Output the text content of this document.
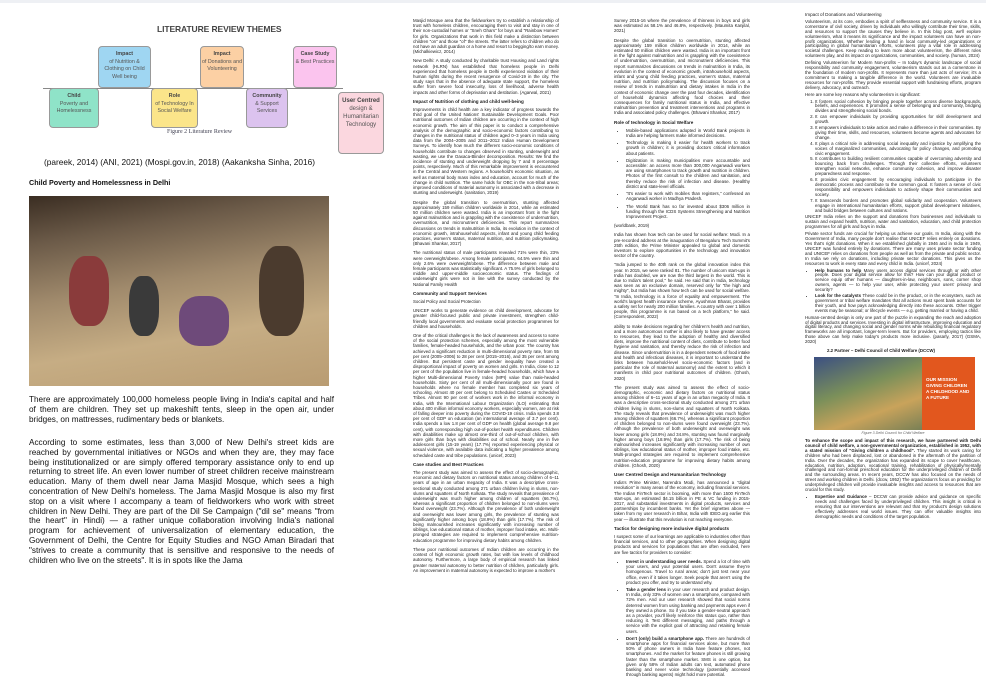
LITERATURE REVIEW THEMES
Child
Poverty and Homelessness
Impact
of Nutrition & Clothing on Child Well being
Role
of Technology In Social Welfare
Impact
of Donations and Volunteering
Community
& Support Services
Case Study
& Best Practices
User Centred
design & Humanitarian Technology
Figure 2 Literature Review
(pareek, 2014) (ANI, 2021) (Mospi.gov.in, 2018) (Aakanksha Sinha, 2016)
Child Poverty and Homelessness in Delhi
There are approximately 100,000 homeless people living in India's capital and half of them are children. They set up makeshift tents, sleep in the open air, under bridges, on mattresses, rudimentary beds or blankets.
According to some estimates, less than 3,000 of New Delhi's street kids are reached by governmental initiatives or NGOs and when they are, they may face being institutionalized or are simply offered temporary assistance only to end up returning to street life. An even lower number of street children receive mainstream education. Many of them dwell near Jama Masjid Mosque, which sees a high concentration of New Delhi's homeless. The Jama Masjid Mosque is also my first stop on a visit where I accompany a team of fieldworkers who work with street children in New Delhi. They are part of the Dil Se Campaign ("dil se" means "from the heart" in Hindi) — a rather unique collaboration involving India's national program for achievement of universalization of elementary education, the Government of Delhi, the Centre for Equity Studies and NGO Aman Biradari that "strives to create a community that is sensitive and responsive to the needs of children who live on the streets". It is in spots like the Jama

Masjid Mosque area that the fieldworkers try to establish a relationship of trust with homeless children, encouraging them to visit and stay in one of their non-custodial homes or "Sneh Ghars" for boys and "Rainbow Homes" for girls. Organizations that work in this field make a distinction between children "on" and those "of" the streets. The latter refers to children who do not have an adult guardian or a home and resort to begging/to earn money. (Michalkiewicz, 2014)

New Delhi: A study conducted by charitable trust Housing and Land rights network (HLRN) has established that homeless people in Delhi experienced that homeless people in Delhi experienced violation of their human rights during the recent resurgence of Covid-19 in the city. The study says that in the absence of adequate state support, the homeless suffer from severe food insecurity, loss of livelihood, adverse health impacts and other forms of deprivation and destitution. (Agarwal, 2021)

Impact of Nutrition of clothing and child well-being

Improvements in child health are a key indicator of progress towards the third goal of the United Nations' Sustainable Development Goals. Poor nutritional outcomes of Indian children are occurring in the context of high economic growth. The aim of this paper is to conduct a comprehensive analysis of the demographic and socio-economic factors contributing to changes in the nutritional status of children aged 0–3 years in India using data from the 2004–2005 and 2011–2012 Indian Human Development Surveys. To identify how much the different socio-economic conditions of households contribute to changes observed in stunting, underweight and wasting, we use the Oaxaca-Blinder decomposition. Results: We find the incidence of stunting and underweight dropping by 7 and 8 percentage points, respectively. Much of this remarkable improvement is encountered in the Central and Western regions. A household's economic situation, as well as maternal body mass index and education, account for much of the change in child nutrition. The same holds for OBC in the non-tribal areas; improved conditions of material autonomy is associated with a decrease in stunting and underweight. (sanitation, 2019)

Despite the global transition to overnutrition, stunting affected approximately 159 million children worldwide in 2014, while an estimated 50 million children were wasted. India is an important front in the fight against malnutrition and is grappling with the coexistence of undernutrition, overnutrition, and micronutrient deficiencies. This report summarizes discussions on trends in malnutrition in India, its evolution in the context of economic growth, intrahousehold aspects, infant and young child feeding practices, women's status, maternal nutrition, and nutrition policymaking. (Bhavani Shankar, 2017)

The nutritional status of male participants revealed 71% were thin, 23% were overweight/obese. Among female participants, 64.5% were thin and only 2.6% were overweight/obese. The difference between male and female participants was statistically significant. A 75.9% of girls belonged to middle and upper-middle socioeconomic status. The findings of underweight girls were not in line with the survey conducted by the National Family Health

Community and Support Services

Social Policy and Social Protection

UNICEF works to generate evidence on child development, advocate for greater child-focused public and private investment, strengthen child-friendly local governments and evaluate social protection programmes for children and households.

One of the critical challenges is the lack of awareness and access to some of the social protection schemes, especially among the most vulnerable families, female-headed households, and the urban poor. The country has achieved a significant reduction in multi-dimensional poverty rate, from 55 per cent (2005–2006) to 28 per cent (2015–2016), and 35 per cent among children. But persistent caste and gender inequality have created a disproportional impact of poverty on women and girls. In India, close to 12 per cent of the population live in female-headed households, which have a higher Multi-dimensional Poverty Index (MPI) value than male-headed households. Sixty per cent of all multi-dimensionally poor are found in households where no female member has completed six years of schooling. Almost 40 per cent belong to Scheduled Castes or Scheduled Tribes. Almost 90 per cent of workers work in the informal economy in India, with the International Labour Organization (ILO) estimating that about 400 million informal economy workers, especially women, are at risk of falling deeper into poverty during the COVID-19 crisis. India spends 3.8 per cent of GDP on education (an international average of 3.7 per cent). India spends a low 1.8 per cent of GDP on health (global average 9.8 per cent), with corresponding high out-of-pocket health expenditures. Children with disabilities make up almost one-third of out-of-school children, with more girls than boys with disabilities out of school. Nearly one in five adolescent girls (15-19 years) (17.7%) reported experiencing physical or sexual violence, with available data indicating a higher prevalence among scheduled caste and tribe populations. (unicef, 2023)

Case studies and Best Practices

The present study was aimed to assess the effect of socio-demographic, economic and dietary factors on nutritional status among children of 6–11 years of age in an urban megacity of India. It was a descriptive cross-sectional study conducted among 271 urban children living in slums, non-slums and squatters of North Kolkata. The study reveals that prevalence of underweight was much higher among children of squatters (66.7%), whereas a significant proportion of children belonged to non-slums were found overweight (23.7%). Although the prevalence of both underweight and overweight was lower among girls, the prevalence of stunting was significantly higher among boys (18.9%) than girls (17.7%). The risk of being malnourished increases significantly with increasing number of siblings, low educational status of mother, improper food intake, etc. Multi-pronged strategies are required to implement comprehensive nutrition-education programme for improving dietary habits among children.

These poor nutritional outcomes of Indian children are occurring in the context of high economic growth rates, but with low levels of childhood autonomy. Furthermore, a large body of empirical research has linked greater maternal autonomy to better nutrition of children, particularly girls. An improvement in maternal autonomy is expected to improve a mother's

Survey 2015-16 where the prevalence of thinness in boys and girls was estimated as 58.1% and 46.8%, respectively. (Maumita Kanjilal, 2021)

Despite the global transition to overnutrition, stunting affected approximately 159 million children worldwide in 2014, while an estimated 50 million children were wasted. India is an important front in the fight against malnutrition and is grappling with the coexistence of undernutrition, overnutrition, and micronutrient deficiencies. This report summarizes discussions on trends in malnutrition in India, its evolution in the context of economic growth, intrahousehold aspects, infant and young child feeding practices, women's status, maternal nutrition, and nutrition policymaking. The discussion focuses on a review of trends in malnutrition and dietary intakes in India in the context of economic change over the past four decades, identification of household dynamics affecting food choices and their consequences for family nutritional status in India, and effective malnutrition prevention and treatment interventions and programs in India and associated policy challenges. (Bhavani Shankar, 2017)

Role of technology in Social Welfare
• Mobile-based applications adopted in World Bank projects in India are helping farmers make informed decisions.
• Technology is making it easier for health workers to track growth in children; it is providing doctors critical information about patients.
• Digitization is making municipalities more accountable and accessible: an access more than 300,000 Anganwadi workers are using smartphones to track growth and nutrition in children. Photos of the first consult to the children and sanitation, and thereby reduce the risk of infection and disease. (Heallthy district and state-level officials.
• "It's easier to work with mobiles than registers," confessed an Anganwadi worker in Madhya Pradesh.
• The World Bank has so far invested about $306 million in funding through the ICDS Systems Strengthening and Nutrition Improvement Project.

(worldbank, 2019)

India has shown how tech can be used for social welfare: Modi. In a pre-recorded address at the inauguration of Bengaluru Tech Summit's 25th edition, the Prime Minister appealed to global and domestic investors to explore opportunities in the technology and innovation sector of the country.

"India jumped to the 40th rank on the global innovation index this year. In 2015, we were ranked 81. The number of unicorn start-ups in India has doubled, we are now the third largest in the world. This is due to India's talent pool," he said. He said that in India, technology was seen as an exclusive domain, reserved only for "the high and mighty", but India has shown how tech can be used for social welfare. "In India, technology is a force of equality and empowerment. The world's largest health insurance scheme, Ayushman Bharat, provides a safety net for nearly 200 million families. A country with over 1 billion people, this programme is run based on a tech platform," he said. (Correspondent, 2022)

ability to make decisions regarding her children's health and nutrition, and a more autonomous mother is also likely to have greater access to resources, they lead to the adoption of healthy and diversified diets, improve the nutritional content of diets, contribute to better food hygiene and sanitation, and thereby reduce the risk of infection and disease. Since undernutrition is in a dependent network of food intake and health and infectious diseases, it is important to understand the links between household-level socio-economic factors (and in particular the role of maternal autonomy) and the extent to which it manifests in child poor nutritional outcomes of children. (Ghosh, 2020)

The present study was aimed to assess the effect of socio-demographic, economic and dietary factors on nutritional status among children of 6–11 years of age in an urban megacity of India. It was a descriptive cross-sectional study conducted among 271 urban children living in slums, non-slums and squatters of North Kolkata. The study reveals that prevalence of underweight was much higher among children of squatters (66.7%), whereas a significant proportion of children belonged to non-slums were found overweight (23.7%). Although the prevalence of both underweight and overweight was lower among girls (18.9%) and 34.8%, stunting was found marginally higher among boys (18.9%) than girls (17.7%). The risk of being malnourished increases significantly with increasing number of own siblings, low educational status of mother, improper food intake, etc. Multi-pronged strategies are required to implement comprehensive nutrition-education programme for improving dietary habits among children. (Ghosh, 2020)

User Centred Design and Humanitarian Technology

India's Prime Minister, Narendra Modi, has announced a "digital revolution" in many areas of the economy, including financial services. The Indian FinTech sector is booming, with more than 1500 FinTech start-ups, an estimated $4.15 billion in PE & VC funding in 2015-2017, and substantial investments in digital products, services and partnerships by incumbent banks. Yet the brief vignettes above — taken from my user research in Bihar, India with IDEO.org earlier this year — illustrate that this revolution is not reaching everyone.

Tactics for designing more inclusive digital products

I suspect some of our learnings are applicable to industries other than financial services, and to other geographies. When designing digital products and services for populations that are often excluded, here are five tactics for providers to consider:

• Invest in understanding user needs. Spend a lot of time with your users, and your potential users. Don't assume they're homogenous. Travel to rural areas; don't just test near your office, even if it takes longer. Seek people that aren't using the product you offer, and try to understand why.
• Take a gender lens in your user research and product design. In India, only 33% of women own a smartphone, compared with 72% men. And our user research showed that social norms deterred women from using banking and payments apps even if they owned a phone. So if you take a gender-neutral approach as a provider, you'll likely reinforce this status quo, rather than reducing it. Test different messaging, and paths through a service with the explicit goal of attracting and retaining female users.
• Don't (only) build a smartphone app. There are hundreds of smartphone apps for financial services alone, but more than 50% of phone owners in India have feature phones, not smartphones. And the market for feature phones is still growing faster than the smartphone market. SMS is one option, but given only 58% of Indian adults can text, automated phone banking and never voice technology (potentially accessed through banking agents) might hold more potential.
Impact of Donations and Volunteering

Volunteerism, at its core, embodies a spirit of selflessness and community service. It is a cornerstone of civil society, driven by individuals who willingly contribute their time, skills, and resources to support the causes they believe in. In this blog post, we'll explore volunteerism, what it means its significance and the impact volunteers can have on non-profit organizations. Whether lending a hand in local community-led organizations or participating in global humanitarian efforts, volunteers play a vital role in addressing societal challenges. Keep reading to learn more about volunteerism, the different roles volunteers play, and its impact on organizations, communities, and society. (human, 2024)

Defining Volunteerism for Modern Non-profits – In today's dynamic landscape of social responsibility and community engagement, volunteerism stands out as a cornerstone in the foundation of modern non-profits. It represents more than just acts of service; it's a commitment to making a tangible difference in the world. Volunteers are invaluable resources for non-profits. They provide essential support with fundraising efforts, program delivery, advocacy, and outreach.

Here are some key reasons why volunteerism is significant:

1. It fosters social cohesion by bringing people together across diverse backgrounds, beliefs, and experiences. It promotes a sense of belonging and community, bridging divides and strengthening social bonds.
2. It can empower individuals by providing opportunities for skill development and growth.
3. It empowers individuals to take action and make a difference in their communities. By giving their time, skills, and resources, volunteers become agents and advocates for change.
4. It plays a critical role in addressing social inequality and injustice by amplifying the voices of marginalized communities, advocating for policy changes, and promoting civic engagement.
5. It contributes to building resilient communities capable of overcoming adversity and bouncing back from challenges. Through their collective efforts, volunteers strengthen social networks, enhance community cohesion, and improve disaster preparedness and response.
6. It provides civic engagement by encouraging individuals to participate in the democratic process and contribute to the common good. It fosters a sense of civic responsibility and empowers individuals to actively shape their communities and society.
7. It transcends borders and promotes global solidarity and cooperation. Volunteers engage in international humanitarian efforts, support global development initiatives, and build bridges between cultures and nations.

UNICEF India relies on the support and donations from businesses and individuals to sustain and expand health, nutrition, water and sanitation, education, and child protection programmes for all girls and boys in India.

Private sector funds are crucial for helping us achieve our goals. In India, along with the Government of India, many people don't realise that UNICEF relies entirely on donations. Yes that's right donations. When it we established globally in 1946 and in India in 1949, UNICEF was funded entirely by donations. There are many uses private sector funding and UNICEF relies on donations from people as well as from the private and public sector. In India we rely on donations, including private sector donations. This gives us the resources to work in every state and every child in India. (unicef, 2024)

• Help humans to help Many users access digital services through or with other people. Does your digital service allow for this? How can your digital product or service equip other humans — daughters-in-law, neighbours, sons, corner shop owners, agents — to help your user, while protecting your users' privacy and security?
• Look for the catalysts These could be in the product, or in the ecosystem, such as government or tribal welfare mandates that all actions must spent bank accounts for their youth, and how pays acknowledging directly into these accounts. Other trigger events may be seasonal; or lifecycle events — e.g. getting married or having a child.

Human-centred design is only one part of the puzzle in expanding the reach and adoption of digital products and services. Investing in digital infrastructure, improving education and digital literacy, and changing social and gender norms while rebuilding financial regulatory frameworks are all important, longer-term levers. But for providers, employing tactics like those above can help make today's products more inclusive. (pasarly, 2017) (GSMA, 2020)

2.2 Partner – Delhi Council of Child Welfare (DCCW)
OUR MISSION
GIVING CHILDREN A CHILDHOOD AND A FUTURE
Figure 3 Delhi Council for Child Welfare

To enhance the scope and impact of this research, we have partnered with Delhi council of child welfare, a non-governmental organization, established in 1952, with a stated mission of "Giving children a childhood". They started its work caring for children who had been displaced, lost or abandoned in the aftermath of the partition of India. Over the decades, the organization has expanded its scope to cover healthcare, education, nutrition, adoption, vocational training, rehabilitation of physically/mentally challenged and non-formal preschool education for the underprivileged children of Delhi and the surrounding areas. In recent years, DCCW has also focused on the needs of street and working children in Delhi. (dccw, 1952) The organization's focus on providing for underprivileged children will provide invaluable insights and access to resources that are crucial for this study.

• Expertise and Guidance – DCCW can provide advice and guidance on specific needs and challenges faced by underprivileged children. This insight is critical in ensuring that our interventions are relevant and that my product's design solutions effectively addresses real world issues. They can offer valuable insights into demographic needs and conditions of the target population.
